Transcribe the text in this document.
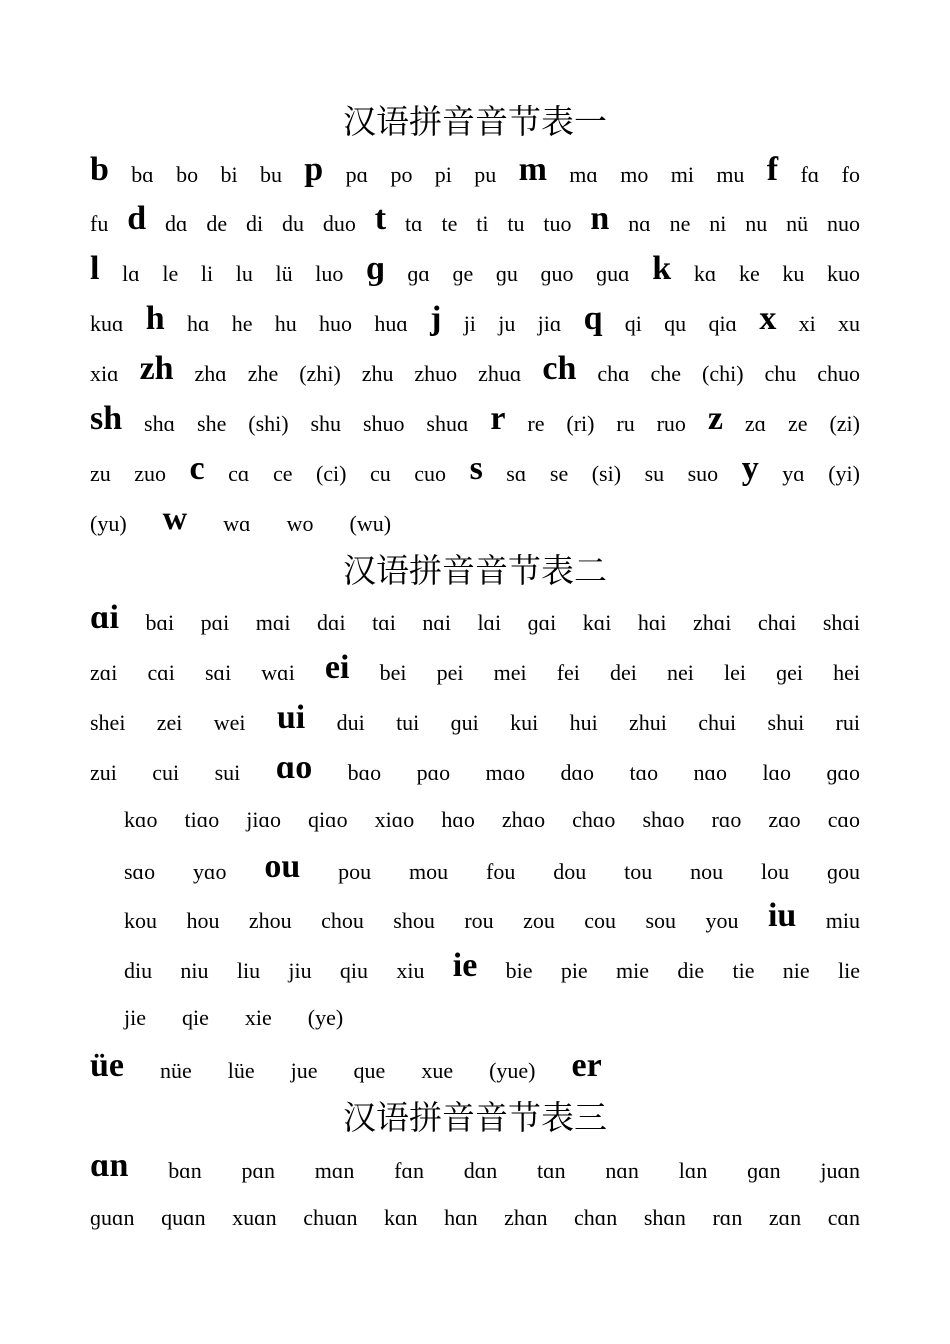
汉语拼音音节表一
汉语拼音音节表二
汉语拼音音节表三
b bɑ bo bi bu p pɑ po pi pu m mɑ mo mi mu f fɑ fo
fu d dɑ de di du duo t tɑ te ti tu tuo n nɑ ne ni nu nü nuo
l lɑ le li lu lü luo ɡ ɡɑ ɡe ɡu ɡuo ɡuɑ k kɑ ke ku kuo
kuɑ h hɑ he hu huo huɑ j ji ju jiɑ q qi qu qiɑ x xi xu
xiɑ zh zhɑ zhe (zhi) zhu zhuo zhuɑ ch chɑ che (chi) chu chuo
sh shɑ she (shi) shu shuo shuɑ r re (ri) ru ruo z zɑ ze (zi)
zu zuo c cɑ ce (ci) cu cuo s sɑ se (si) su suo y yɑ (yi)
(yu) w wɑ wo (wu)
ɑi bɑi pɑi mɑi dɑi tɑi nɑi lɑi ɡɑi kɑi hɑi zhɑi chɑi shɑi
zɑi cɑi sɑi wɑi ei bei pei mei fei dei nei lei ɡei hei
shei zei wei ui dui tui ɡui kui hui zhui chui shui rui
zui cui sui ɑo bɑo pɑo mɑo dɑo tɑo nɑo lɑo ɡɑo
kɑo tiɑo jiɑo qiɑo xiɑo hɑo zhɑo chɑo shɑo rɑo zɑo cɑo
sɑo yɑo ou pou mou fou dou tou nou lou ɡou
kou hou zhou chou shou rou zou cou sou you iu miu
diu niu liu jiu qiu xiu ie bie pie mie die tie nie lie
jie qie xie (ye)
üe nüe lüe jue que xue (yue) er
ɑn bɑn pɑn mɑn fɑn dɑn tɑn nɑn lɑn ɡɑn juɑn
ɡuɑn quɑn xuɑn chuɑn kɑn hɑn zhɑn chɑn shɑn rɑn zɑn cɑn
